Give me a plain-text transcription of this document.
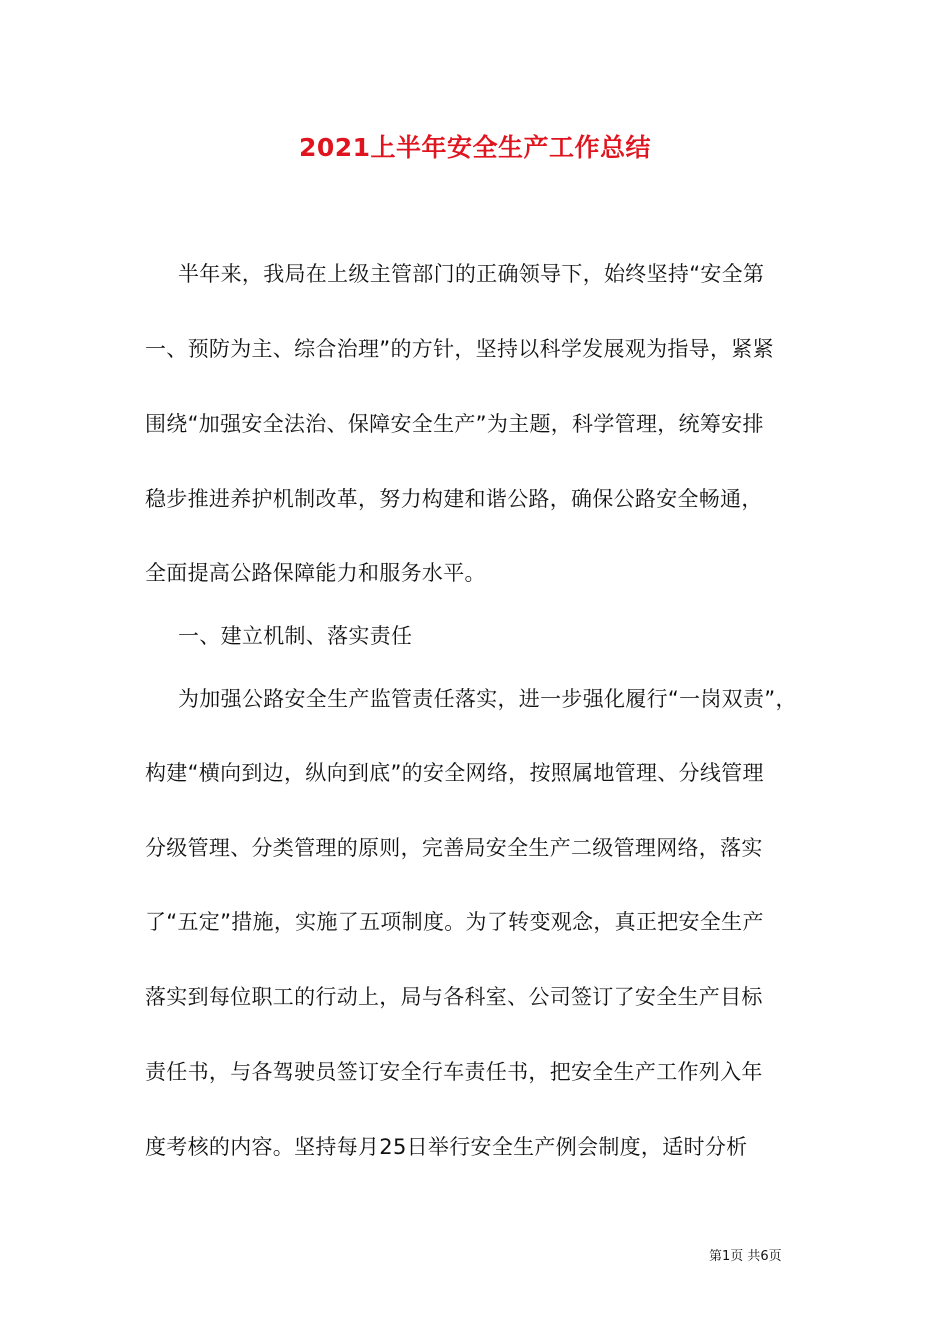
2021上半年安全生产工作总结
半年来，我局在上级主管部门的正确领导下，始终坚持“安全第
一、预防为主、综合治理”的方针，坚持以科学发展观为指导，紧紧
围绕“加强安全法治、保障安全生产”为主题，科学管理，统筹安排
稳步推进养护机制改革，努力构建和谐公路，确保公路安全畅通，
全面提高公路保障能力和服务水平。
一、建立机制、落实责任
为加强公路安全生产监管责任落实，进一步强化履行“一岗双责”，
构建“横向到边，纵向到底”的安全网络，按照属地管理、分线管理
分级管理、分类管理的原则，完善局安全生产二级管理网络，落实
了“五定”措施，实施了五项制度。为了转变观念，真正把安全生产
落实到每位职工的行动上，局与各科室、公司签订了安全生产目标
责任书，与各驾驶员签订安全行车责任书，把安全生产工作列入年
度考核的内容。坚持每月25日举行安全生产例会制度，适时分析
第1页 共6页
